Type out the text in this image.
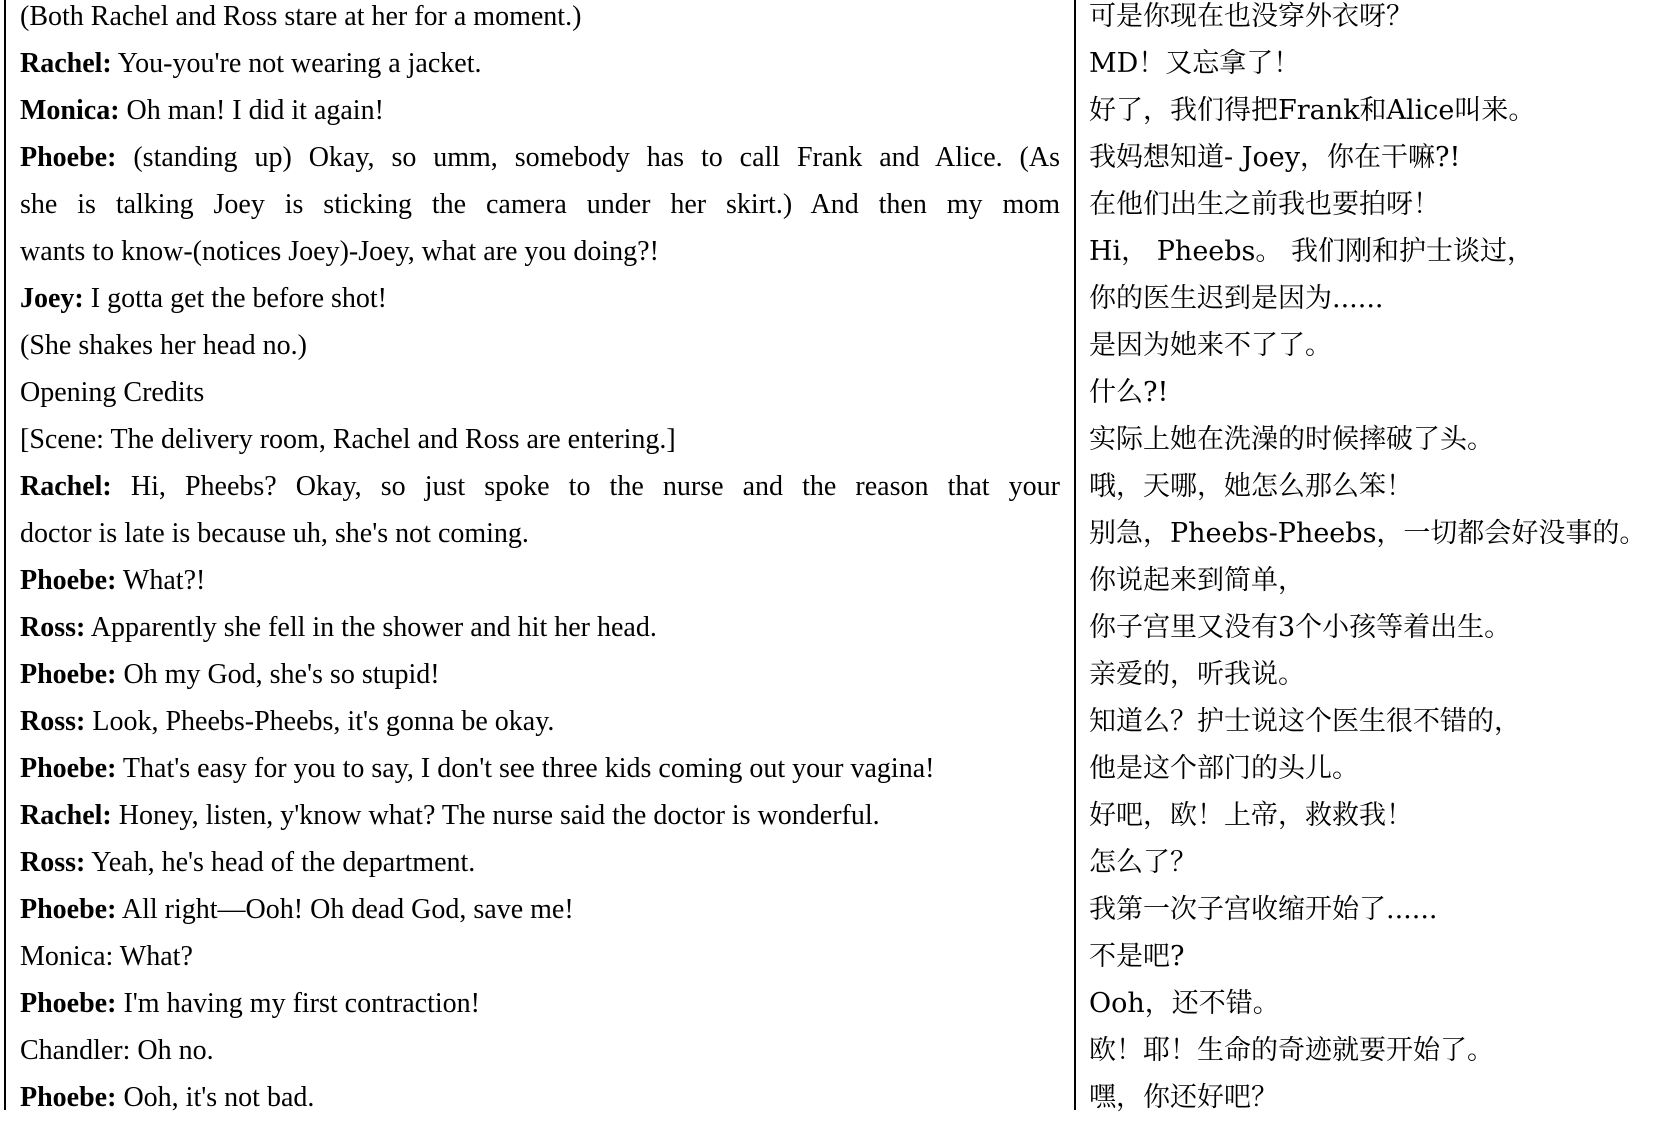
(Both Rachel and Ross stare at her for a moment.)
Rachel: You-you're not wearing a jacket.
Monica: Oh man! I did it again!
Phoebe: (standing up) Okay, so umm, somebody has to call Frank and Alice. (As
she is talking Joey is sticking the camera under her skirt.) And then my mom
wants to know-(notices Joey)-Joey, what are you doing?!
Joey: I gotta get the before shot!
(She shakes her head no.)
Opening Credits
[Scene: The delivery room, Rachel and Ross are entering.]
Rachel: Hi, Pheebs? Okay, so just spoke to the nurse and the reason that your
doctor is late is because uh, she's not coming.
Phoebe: What?!
Ross: Apparently she fell in the shower and hit her head.
Phoebe: Oh my God, she's so stupid!
Ross: Look, Pheebs-Pheebs, it's gonna be okay.
Phoebe: That's easy for you to say, I don't see three kids coming out your vagina!
Rachel: Honey, listen, y'know what? The nurse said the doctor is wonderful.
Ross: Yeah, he's head of the department.
Phoebe: All right—Ooh! Oh dead God, save me!
Monica: What?
Phoebe: I'm having my first contraction!
Chandler: Oh no.
Phoebe: Ooh, it's not bad.
可是你现在也没穿外衣呀？
MD！又忘拿了！
好了，我们得把Frank和Alice叫来。
我妈想知道- Joey，你在干嘛?!
在他们出生之前我也要拍呀！
Hi， Pheebs。 我们刚和护士谈过，
你的医生迟到是因为......
是因为她来不了了。
什么?!
实际上她在洗澡的时候摔破了头。
哦，天哪，她怎么那么笨！
别急，Pheebs-Pheebs，一切都会好没事的。
你说起来到简单，
你子宫里又没有3个小孩等着出生。
亲爱的，听我说。
知道么？护士说这个医生很不错的，
他是这个部门的头儿。
好吧，欧！上帝，救救我！
怎么了？
我第一次子宫收缩开始了......
不是吧?
Ooh，还不错。
欧！耶！生命的奇迹就要开始了。
嘿，你还好吧？
